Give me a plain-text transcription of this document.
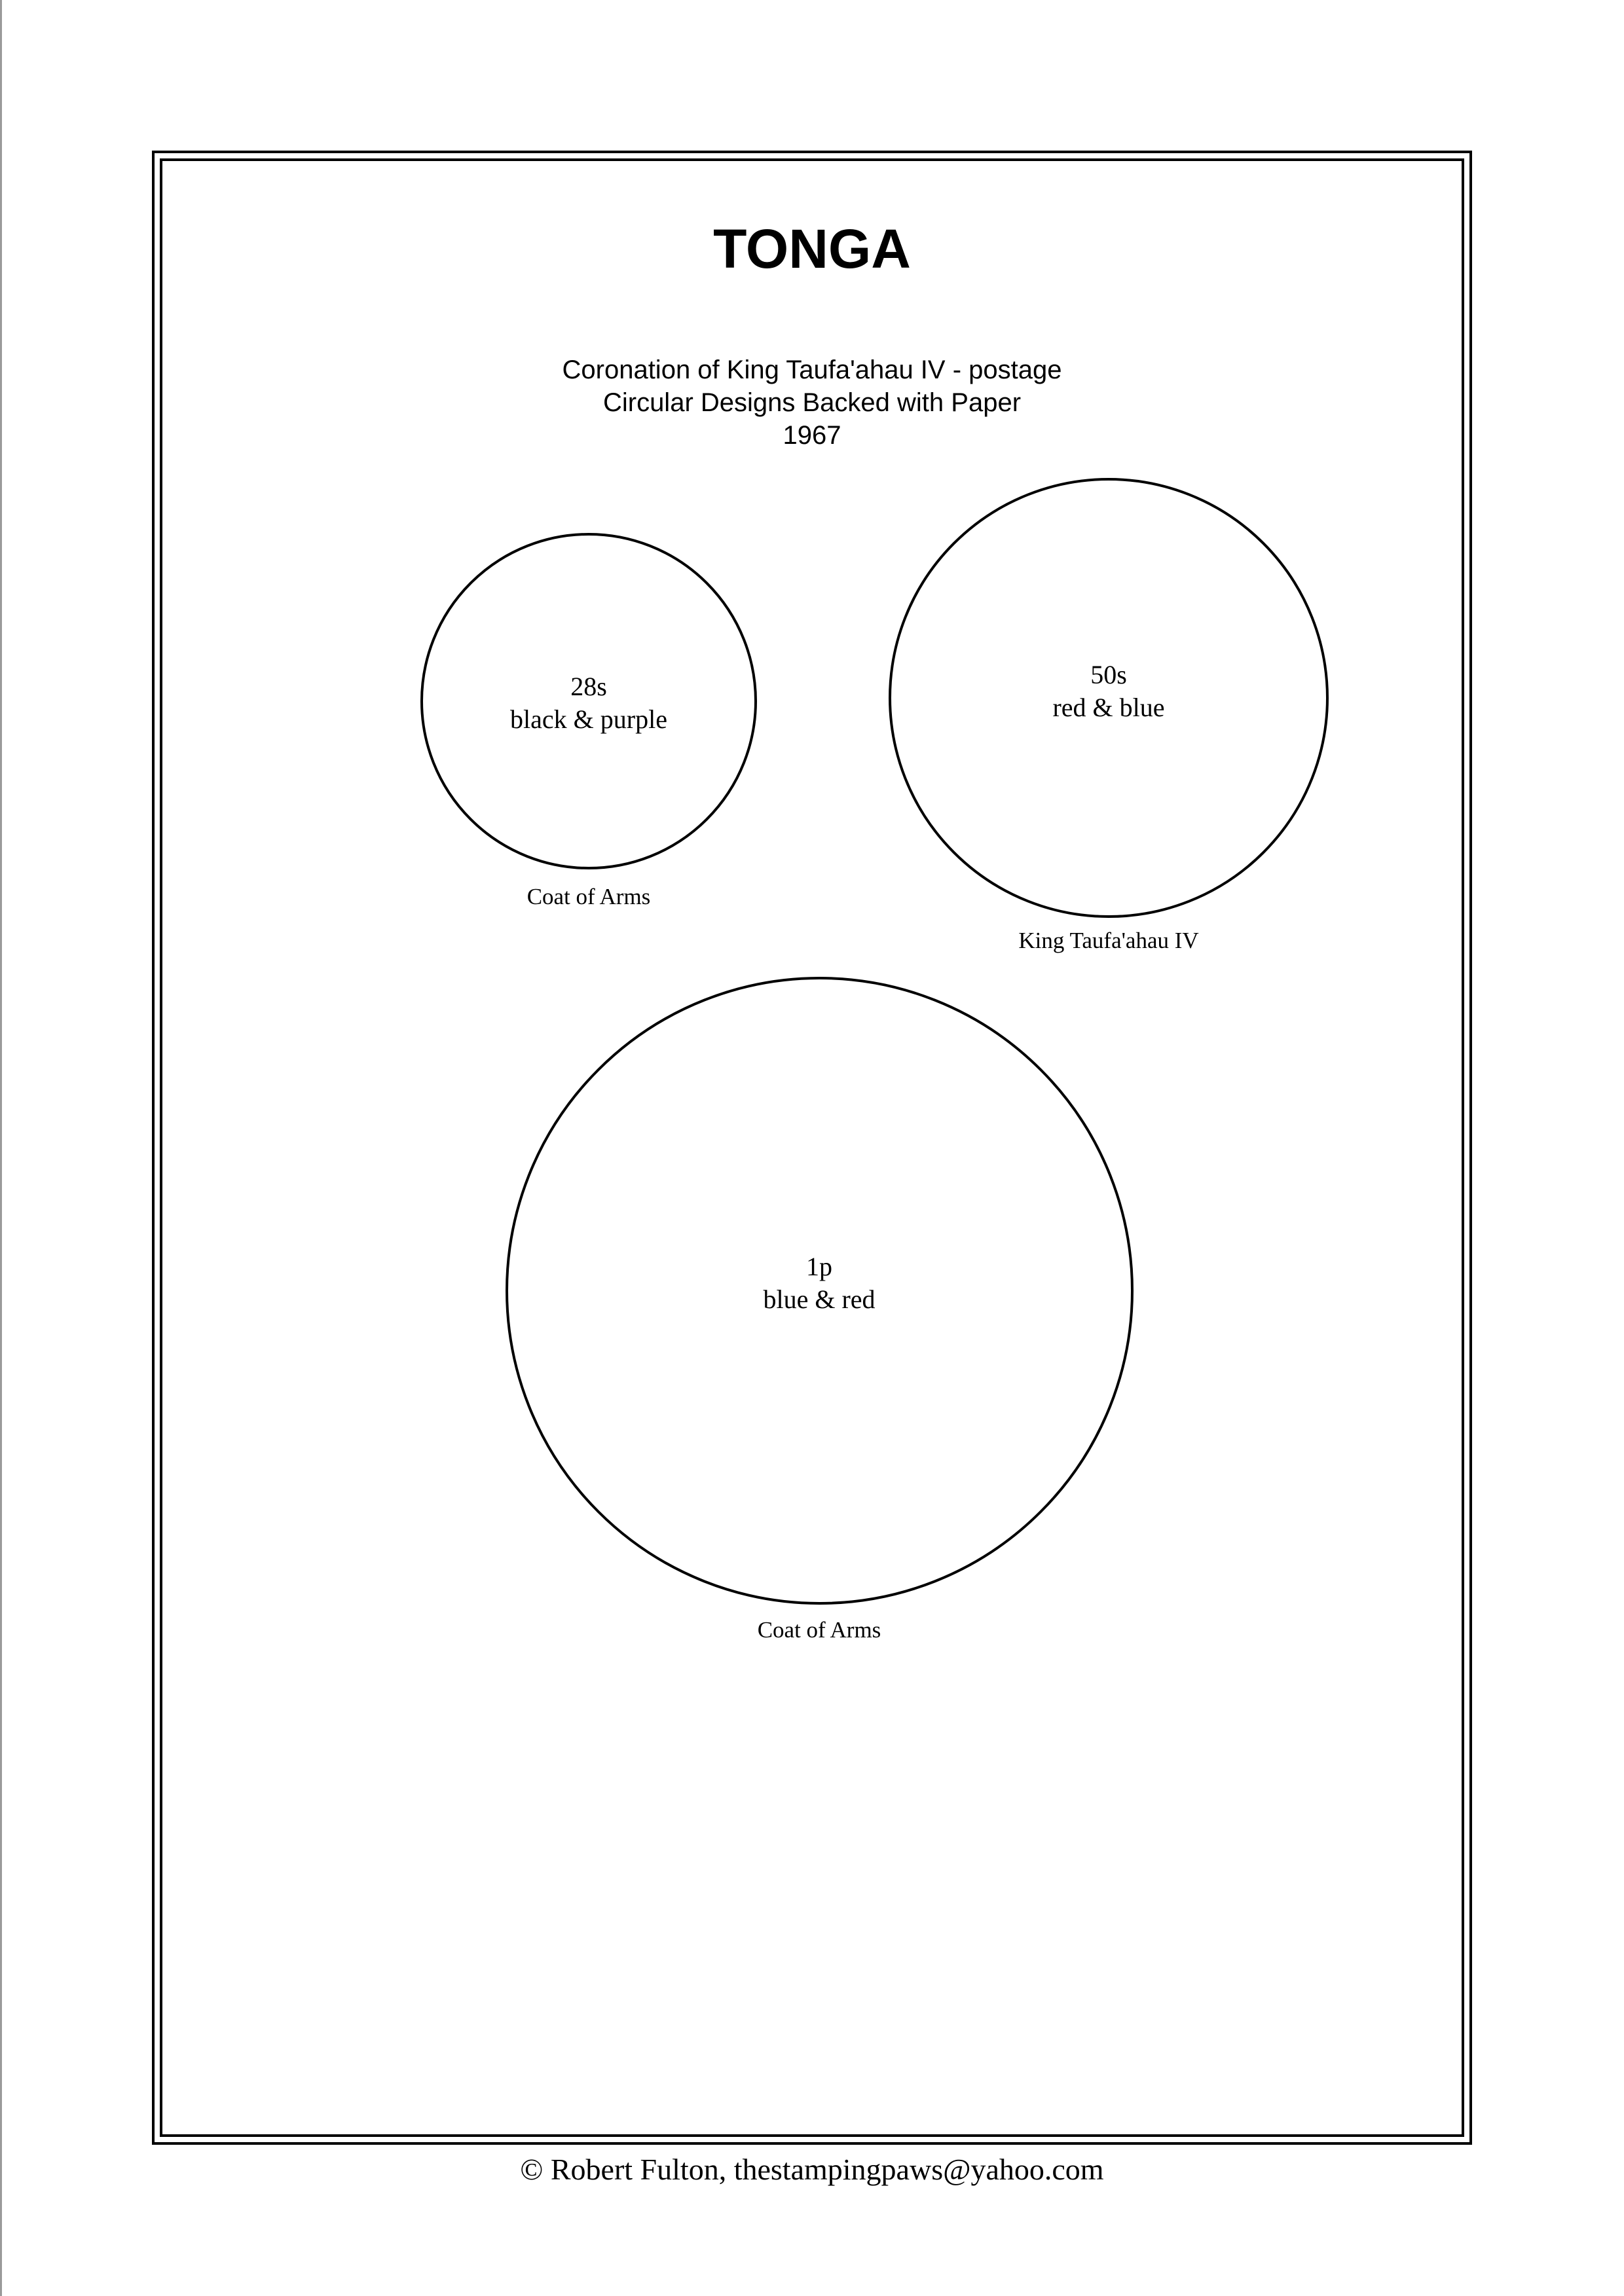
TONGA
Coronation of King Taufa'ahau IV - postage
Circular Designs Backed with Paper
1967
28s
black & purple
Coat of Arms
50s
red & blue
King Taufa'ahau IV
1p
blue & red
Coat of Arms
© Robert Fulton, thestampingpaws@yahoo.com
